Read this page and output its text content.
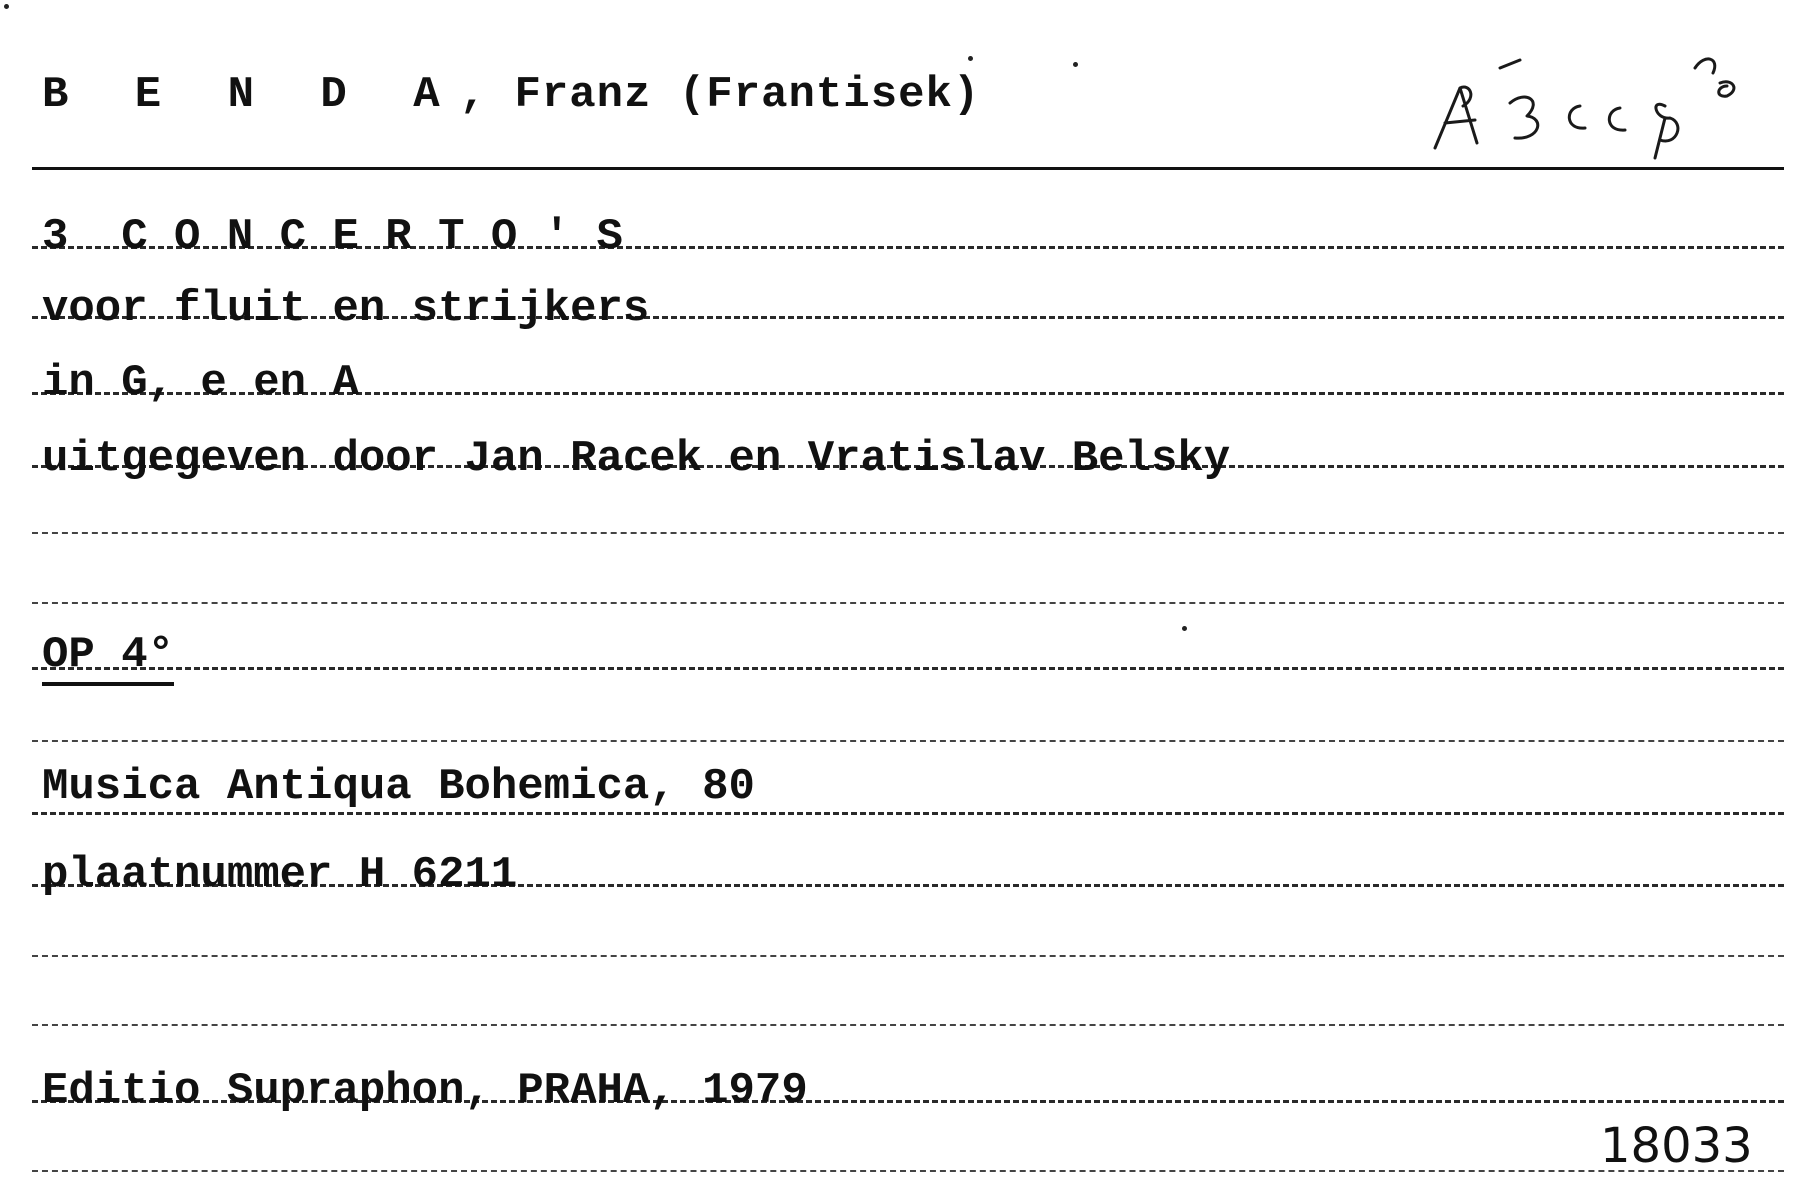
B E N D A, Franz (Frantisek)
3  C O N C E R T O ' S
voor fluit en strijkers
in G, e en A
uitgegeven door Jan Racek en Vratislav Belsky
OP 4°
Musica Antiqua Bohemica, 80
plaatnummer H 6211
Editio Supraphon, PRAHA, 1979
18033
